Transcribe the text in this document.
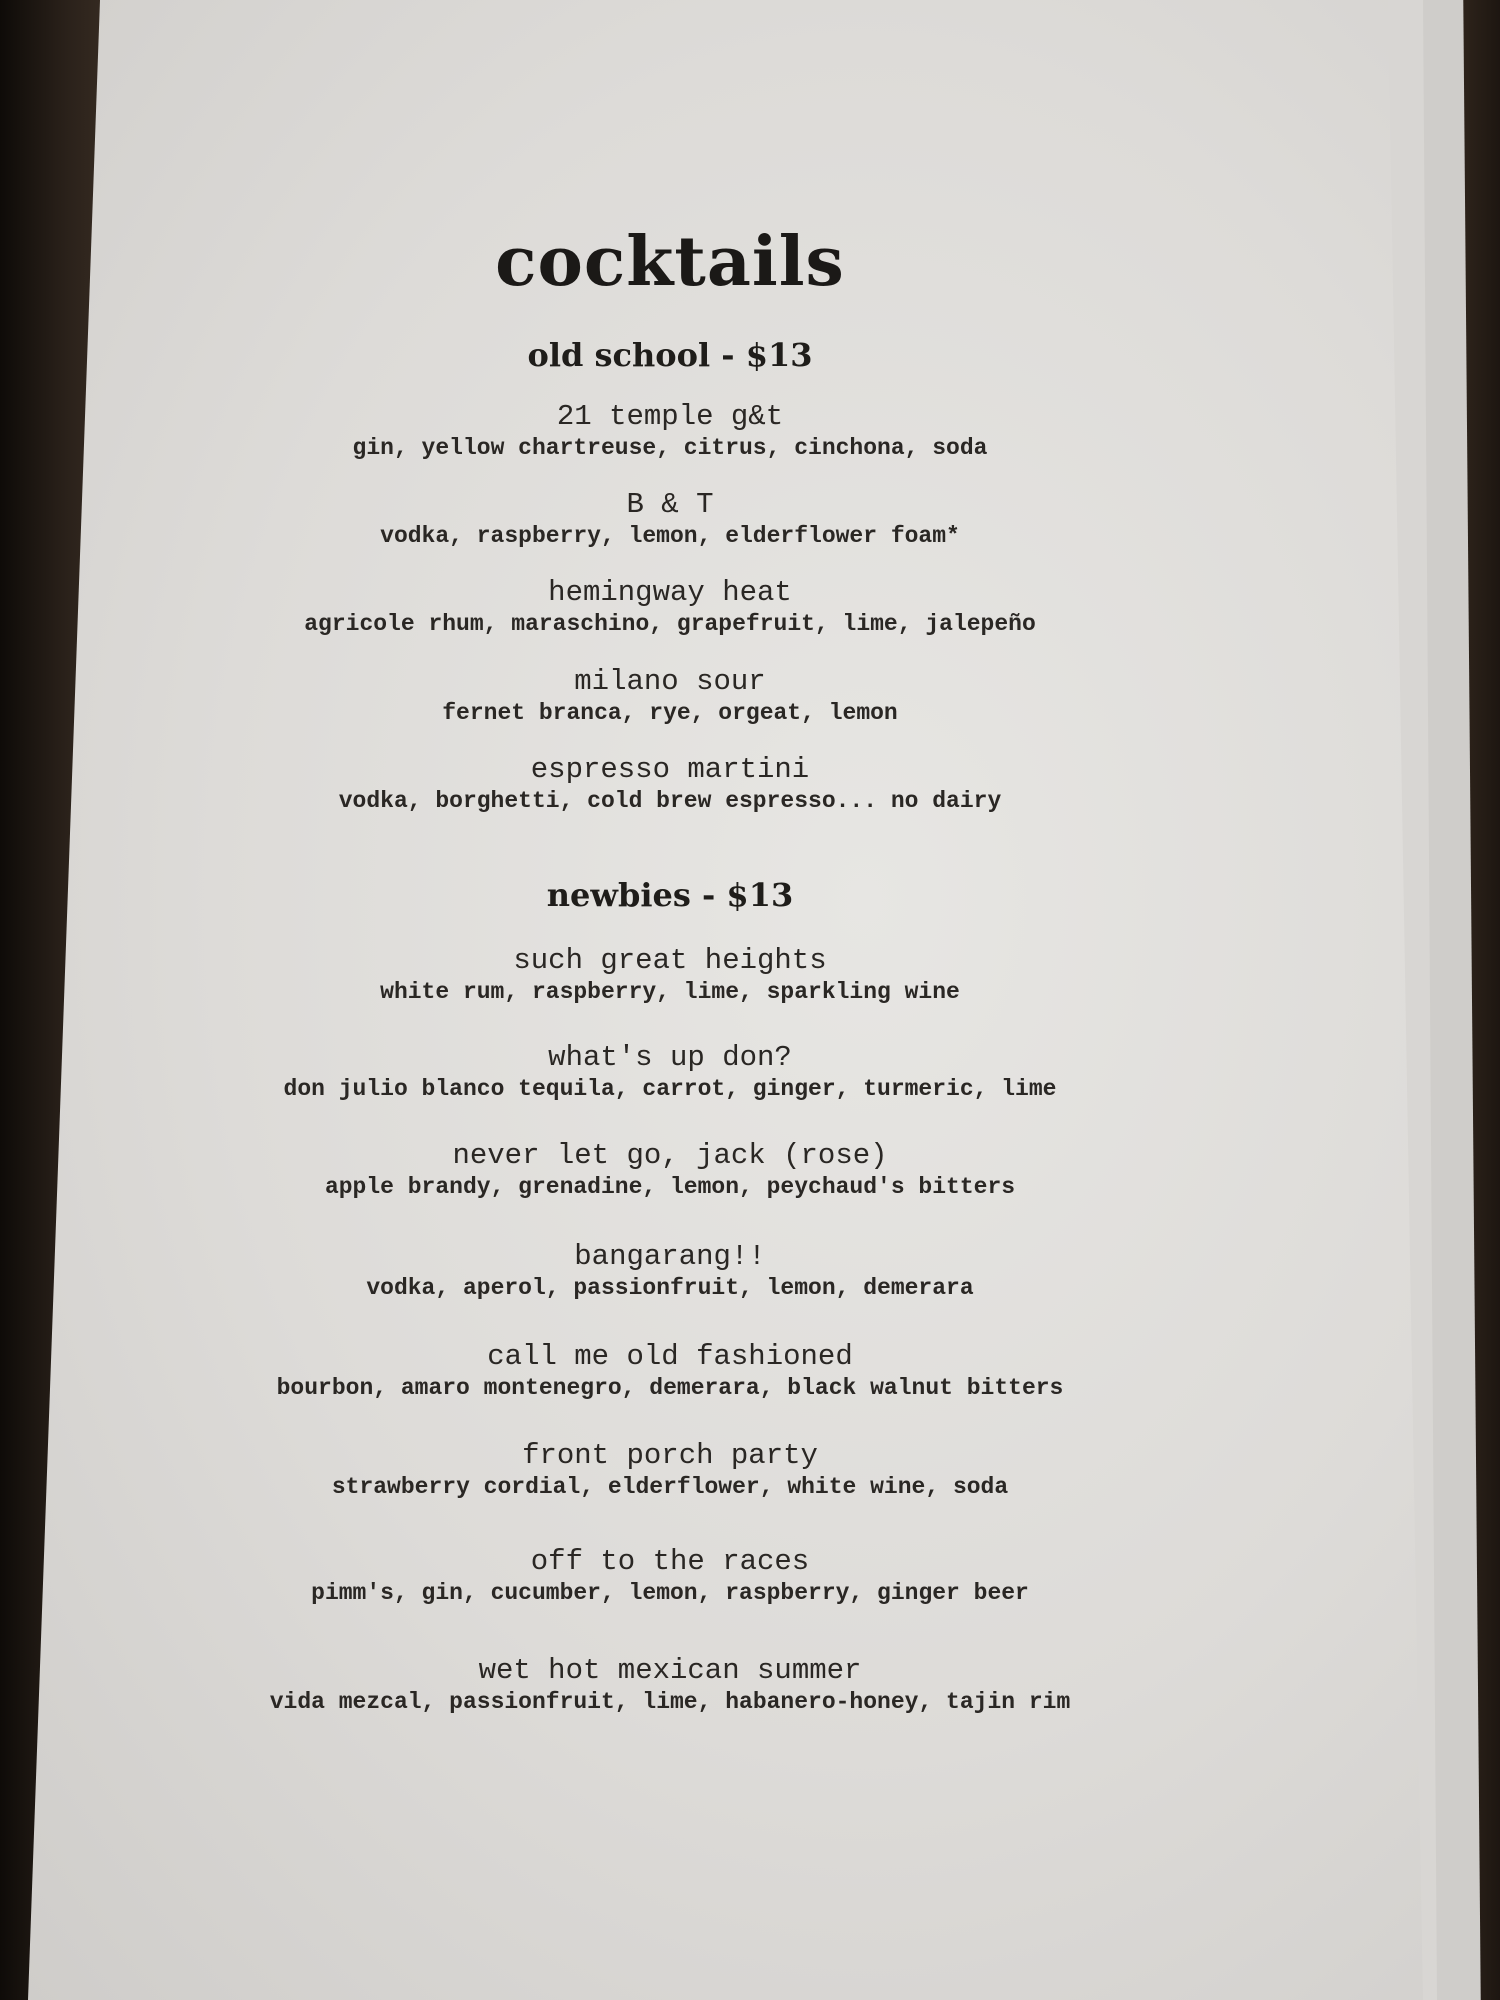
cocktails
old school - $13
21 temple g&t
gin, yellow chartreuse, citrus, cinchona, soda
B & T
vodka, raspberry, lemon, elderflower foam*
hemingway heat
agricole rhum, maraschino, grapefruit, lime, jalepeño
milano sour
fernet branca, rye, orgeat, lemon
espresso martini
vodka, borghetti, cold brew espresso... no dairy
newbies - $13
such great heights
white rum, raspberry, lime, sparkling wine
what's up don?
don julio blanco tequila, carrot, ginger, turmeric, lime
never let go, jack (rose)
apple brandy, grenadine, lemon, peychaud's bitters
bangarang!!
vodka, aperol, passionfruit, lemon, demerara
call me old fashioned
bourbon, amaro montenegro, demerara, black walnut bitters
front porch party
strawberry cordial, elderflower, white wine, soda
off to the races
pimm's, gin, cucumber, lemon, raspberry, ginger beer
wet hot mexican summer
vida mezcal, passionfruit, lime, habanero-honey, tajin rim
